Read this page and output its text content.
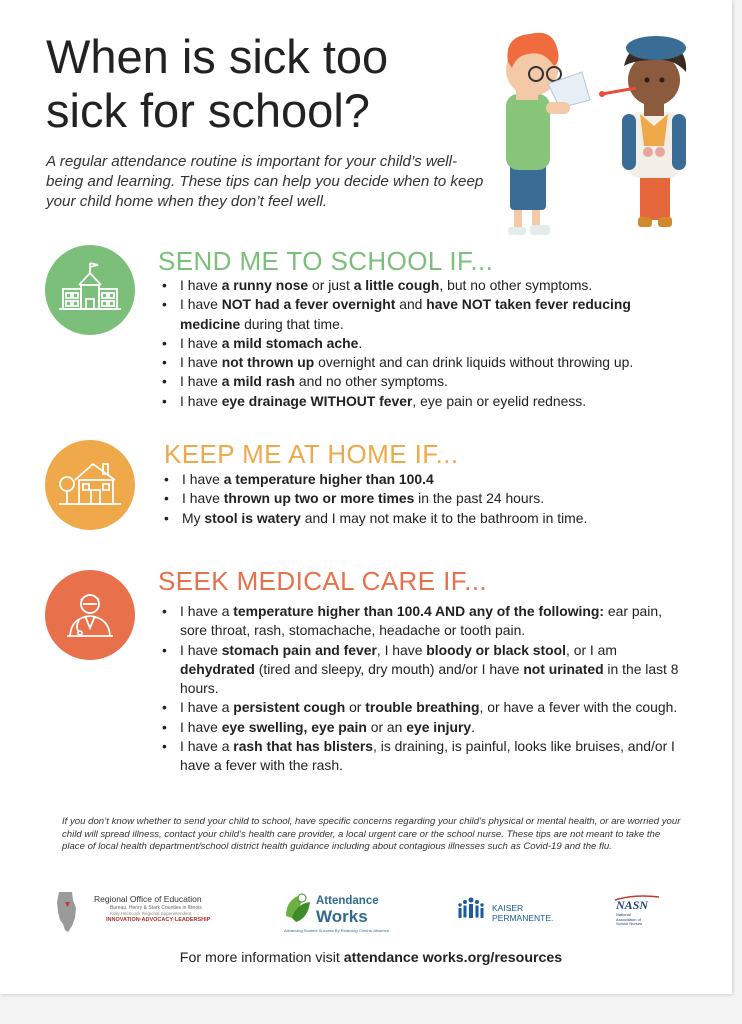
When is sick too
sick for school?

A regular attendance routine is important for your child’s well-being and learning. These tips can help you decide when to keep your child home when they don’t feel well.

SEND ME TO SCHOOL IF...
• I have a runny nose or just a little cough, but no other symptoms.
• I have NOT had a fever overnight and have NOT taken fever reducing medicine during that time.
• I have a mild stomach ache.
• I have not thrown up overnight and can drink liquids without throwing up.
• I have a mild rash and no other symptoms.
• I have eye drainage WITHOUT fever, eye pain or eyelid redness.
KEEP ME AT HOME IF...
• I have a temperature higher than 100.4
• I have thrown up two or more times in the past 24 hours.
• My stool is watery and I may not make it to the bathroom in time.
SEEK MEDICAL CARE IF...
• I have a temperature higher than 100.4 AND any of the following: ear pain, sore throat, rash, stomachache, headache or tooth pain.
• I have stomach pain and fever, I have bloody or black stool, or I am dehydrated (tired and sleepy, dry mouth) and/or I have not urinated in the last 8 hours.
• I have a persistent cough or trouble breathing, or have a fever with the cough.
• I have eye swelling, eye pain or an eye injury.
• I have a rash that has blisters, is draining, is painful, looks like bruises, and/or I have a fever with the rash.

If you don’t know whether to send your child to school, have specific concerns regarding your child’s physical or mental health, or are worried your child will spread illness, contact your child’s health care provider, a local urgent care or the school nurse. These tips are not meant to take the place of local health department/school district health guidance including about contagious illnesses such as Covid-19 and the flu.

Regional Office of Education
Bureau, Henry & Stark Counties in Illinois
Kelly Hitchcock Regional Superintendent
INNOVATION·ADVOCACY·LEADERSHIP
Attendance
Works
Advancing Student Success By Reducing Chronic Absence
KAISER
PERMANENTE.
NASN
National Association of School Nurses
For more information visit attendance works.org/resources
